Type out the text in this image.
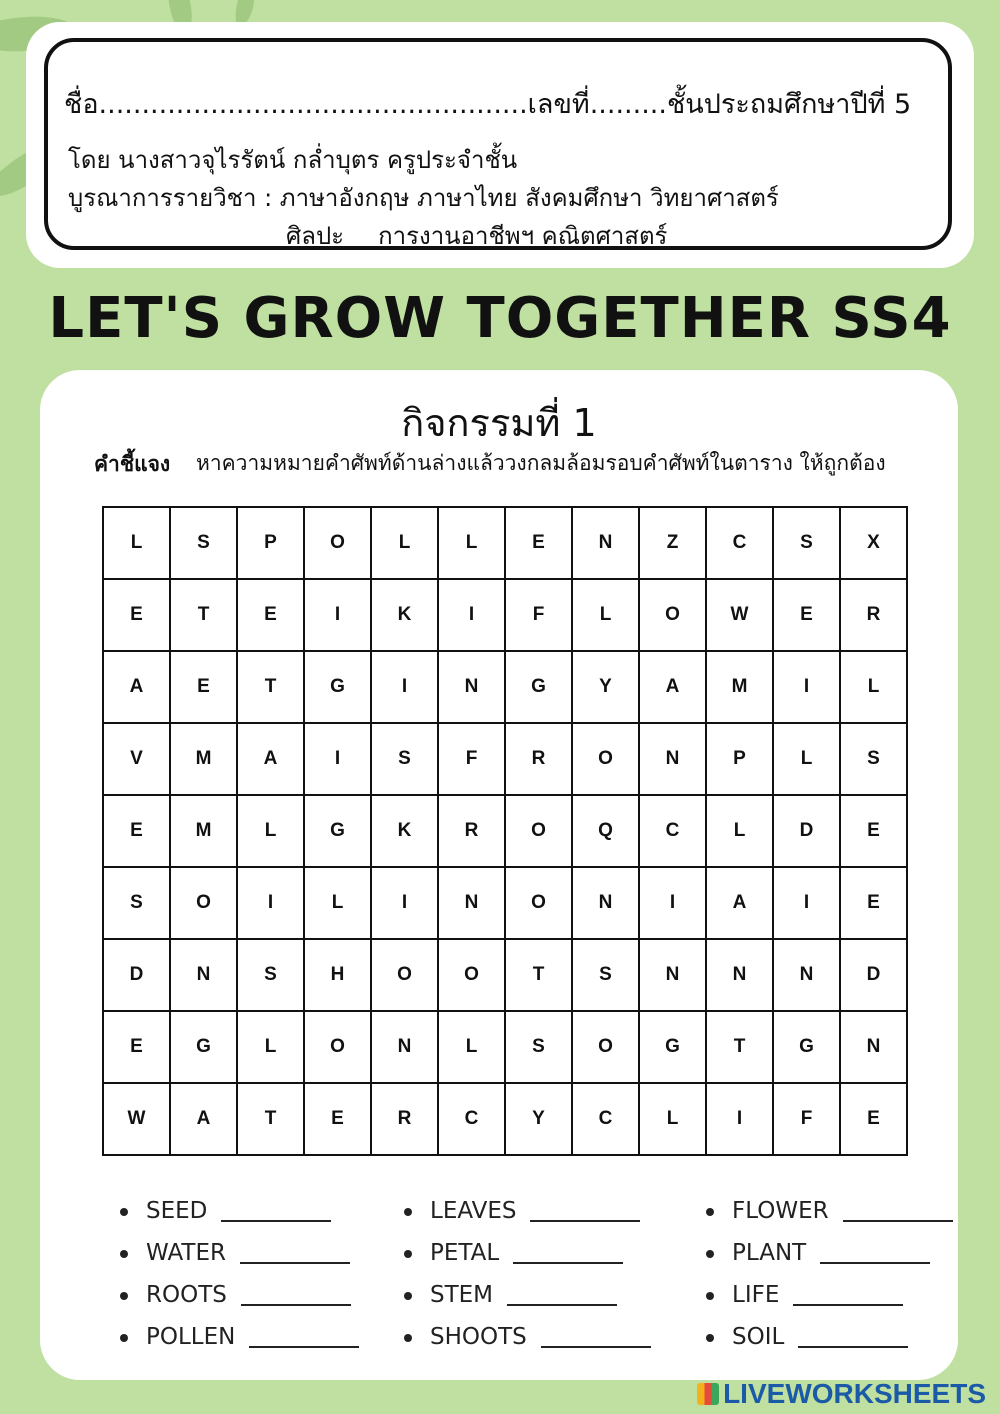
ชื่อ..................................................เลขที่.........ชั้นประถมศึกษาปีที่ 5
โดย นางสาวจุไรรัตน์ กล่ำบุตร ครูประจำชั้น
บูรณาการรายวิชา : ภาษาอังกฤษ ภาษาไทย สังคมศึกษา วิทยาศาสตร์
ศิลปะ การงานอาชีพฯ คณิตศาสตร์
LET'S GROW TOGETHER SS4
กิจกรรมที่ 1
คำชี้แจง หาความหมายคำศัพท์ด้านล่างแล้ววงกลมล้อมรอบคำศัพท์ในตาราง ให้ถูกต้อง
L	S	P	O	L	L	E	N	Z	C	S	X
E	T	E	I	K	I	F	L	O	W	E	R
A	E	T	G	I	N	G	Y	A	M	I	L
V	M	A	I	S	F	R	O	N	P	L	S
E	M	L	G	K	R	O	Q	C	L	D	E
S	O	I	L	I	N	O	N	I	A	I	E
D	N	S	H	O	O	T	S	N	N	N	D
E	G	L	O	N	L	S	O	G	T	G	N
W	A	T	E	R	C	Y	C	L	I	F	E
SEED
WATER
ROOTS
POLLEN
LEAVES
PETAL
STEM
SHOOTS
FLOWER
PLANT
LIFE
SOIL
LIVEWORKSHEETS
